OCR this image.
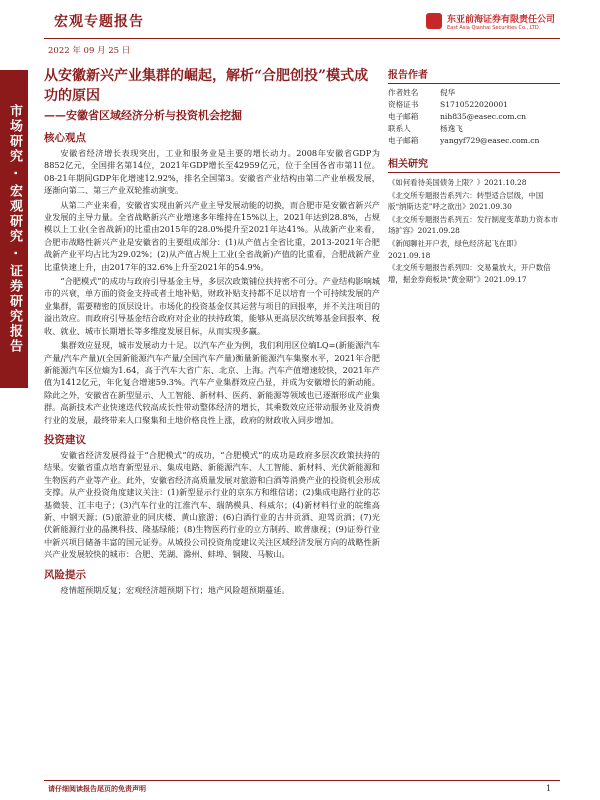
宏观专题报告	东亚前海证券有限责任公司
East Asia Qianhai Securities Co., LTD.
2022 年 09 月 25 日
市场研究 · 宏观研究 · 证券研究报告
从安徽新兴产业集群的崛起，解析“合肥创投”模式成功的原因
——安徽省区域经济分析与投资机会挖掘
核心观点

安徽省经济增长表现突出，工业和服务业是主要的增长动力。2008年安徽省GDP为8852亿元，全国排名第14位，2021年GDP增长至42959亿元，位于全国各省市第11位。08-21年期间GDP年化增速12.92%，排名全国第3。安徽省产业结构由第二产业单极发展，逐渐向第二、第三产业双轮推动演变。

从第二产业来看，安徽省实现由新兴产业主导发展动能的切换，而合肥市是安徽省新兴产业发展的主导力量。全省战略新兴产业增速多年维持在15%以上，2021年达到28.8%，占规模以上工业(全省战新)的比重由2015年的28.0%提升至2021年达41%。从战新产业来看，合肥市战略性新兴产业是安徽省的主要组成部分：(1)从产值占全省比重，2013-2021年合肥战新产业平均占比为29.02%；(2)从产值占规上工业(全省战新)产值的比重看，合肥战新产业比重快速上升，由2017年的32.6%上升至2021年的54.9%。

“合肥模式”的成功与政府引导基金主导，多层次政策铺位扶持密不可分。产业结构影响城市的兴衰，单方面的资金支持或者土地补贴，财政补贴支持都不足以培育一个可持续发展的产业集群，需要精密的顶层设计。市场化的投资基金仅其运营与项目的回报率，并不关注项目的溢出效应。而政府引导基金结合政府对企业的扶持政策，能够从更高层次统筹基金回报率、税收、就业、城市长期增长等多维度发展目标，从而实现多赢。

集群效应显现，城市发展动力十足。以汽车产业为例，我们利用区位熵LQ=(新能源汽车产量/汽车产量)/(全国新能源汽车产量/全国汽车产量)衡量新能源汽车集聚水平，2021年合肥新能源汽车区位熵为1.64，高于汽车大省广东、北京、上海。汽车产值增速较快，2021年产值为1412亿元，年化复合增速59.3%。汽车产业集群效应凸显，并成为安徽增长的新动能。除此之外，安徽省在新型显示、人工智能、新材料、医药、新能源等领域也已逐渐形成产业集群。高新技术产业快速迭代较高成长性带动整体经济的增长，其乘数效应还带动服务业及消费行业的发展，最终带来人口聚集和土地价格良性上涨，政府的财政收入同步增加。

投资建议

安徽省经济发展得益于“合肥模式”的成功，“合肥模式”的成功是政府多层次政策扶持的结果。安徽省重点培育新型显示、集成电路、新能源汽车、人工智能、新材料、光伏新能源和生物医药产业等产业。此外，安徽省经济高质量发展对旅游和白酒等消费产业的投资机会形成支撑。从产业投资角度建议关注：(1)新型显示行业的京东方和维信诺；(2)集成电路行业的芯基微装、江丰电子；(3)汽车行业的江淮汽车、瑞鹄模具、科威尔；(4)新材料行业的皖维高新、中钢天源；(5)旅游业的同庆楼、黄山旅游；(6)白酒行业的古井贡酒、迎驾贡酒；(7)光伏新能源行业的晶澳科技、隆基绿能；(8)生物医药行业的立方制药、欧普康视；(9)证券行业中新兴项目储备丰富的国元证券。从城投公司投资角度建议关注区域经济发展方向的战略性新兴产业发展较快的城市：合肥、芜湖、滁州、蚌埠、铜陵、马鞍山。

风险提示

疫情超预期反复；宏观经济超预期下行；地产风险超预期蔓延。

报告作者
作者姓名	倪华
资格证书	S1710522020001
电子邮箱	nih835@easec.com.cn
联系人	杨逸飞
电子邮箱	yangyf729@easec.com.cn
相关研究
《如何看待美国债务上限？》2021.10.28
《北交所专题报告系列六：转型适合层级，中国版“纳斯达克”呼之欲出》2021.09.30
《北交所专题报告系列五：发行制度变革助力资本市场扩容》2021.09.28
《新闻聊社开户表，绿色经济起飞在即》2021.09.18
《北交所专题报告系列四：交易量放大，开户数倍增，掘金券商板块“黄金期”》2021.09.17
请仔细阅读报告尾页的免责声明	1
